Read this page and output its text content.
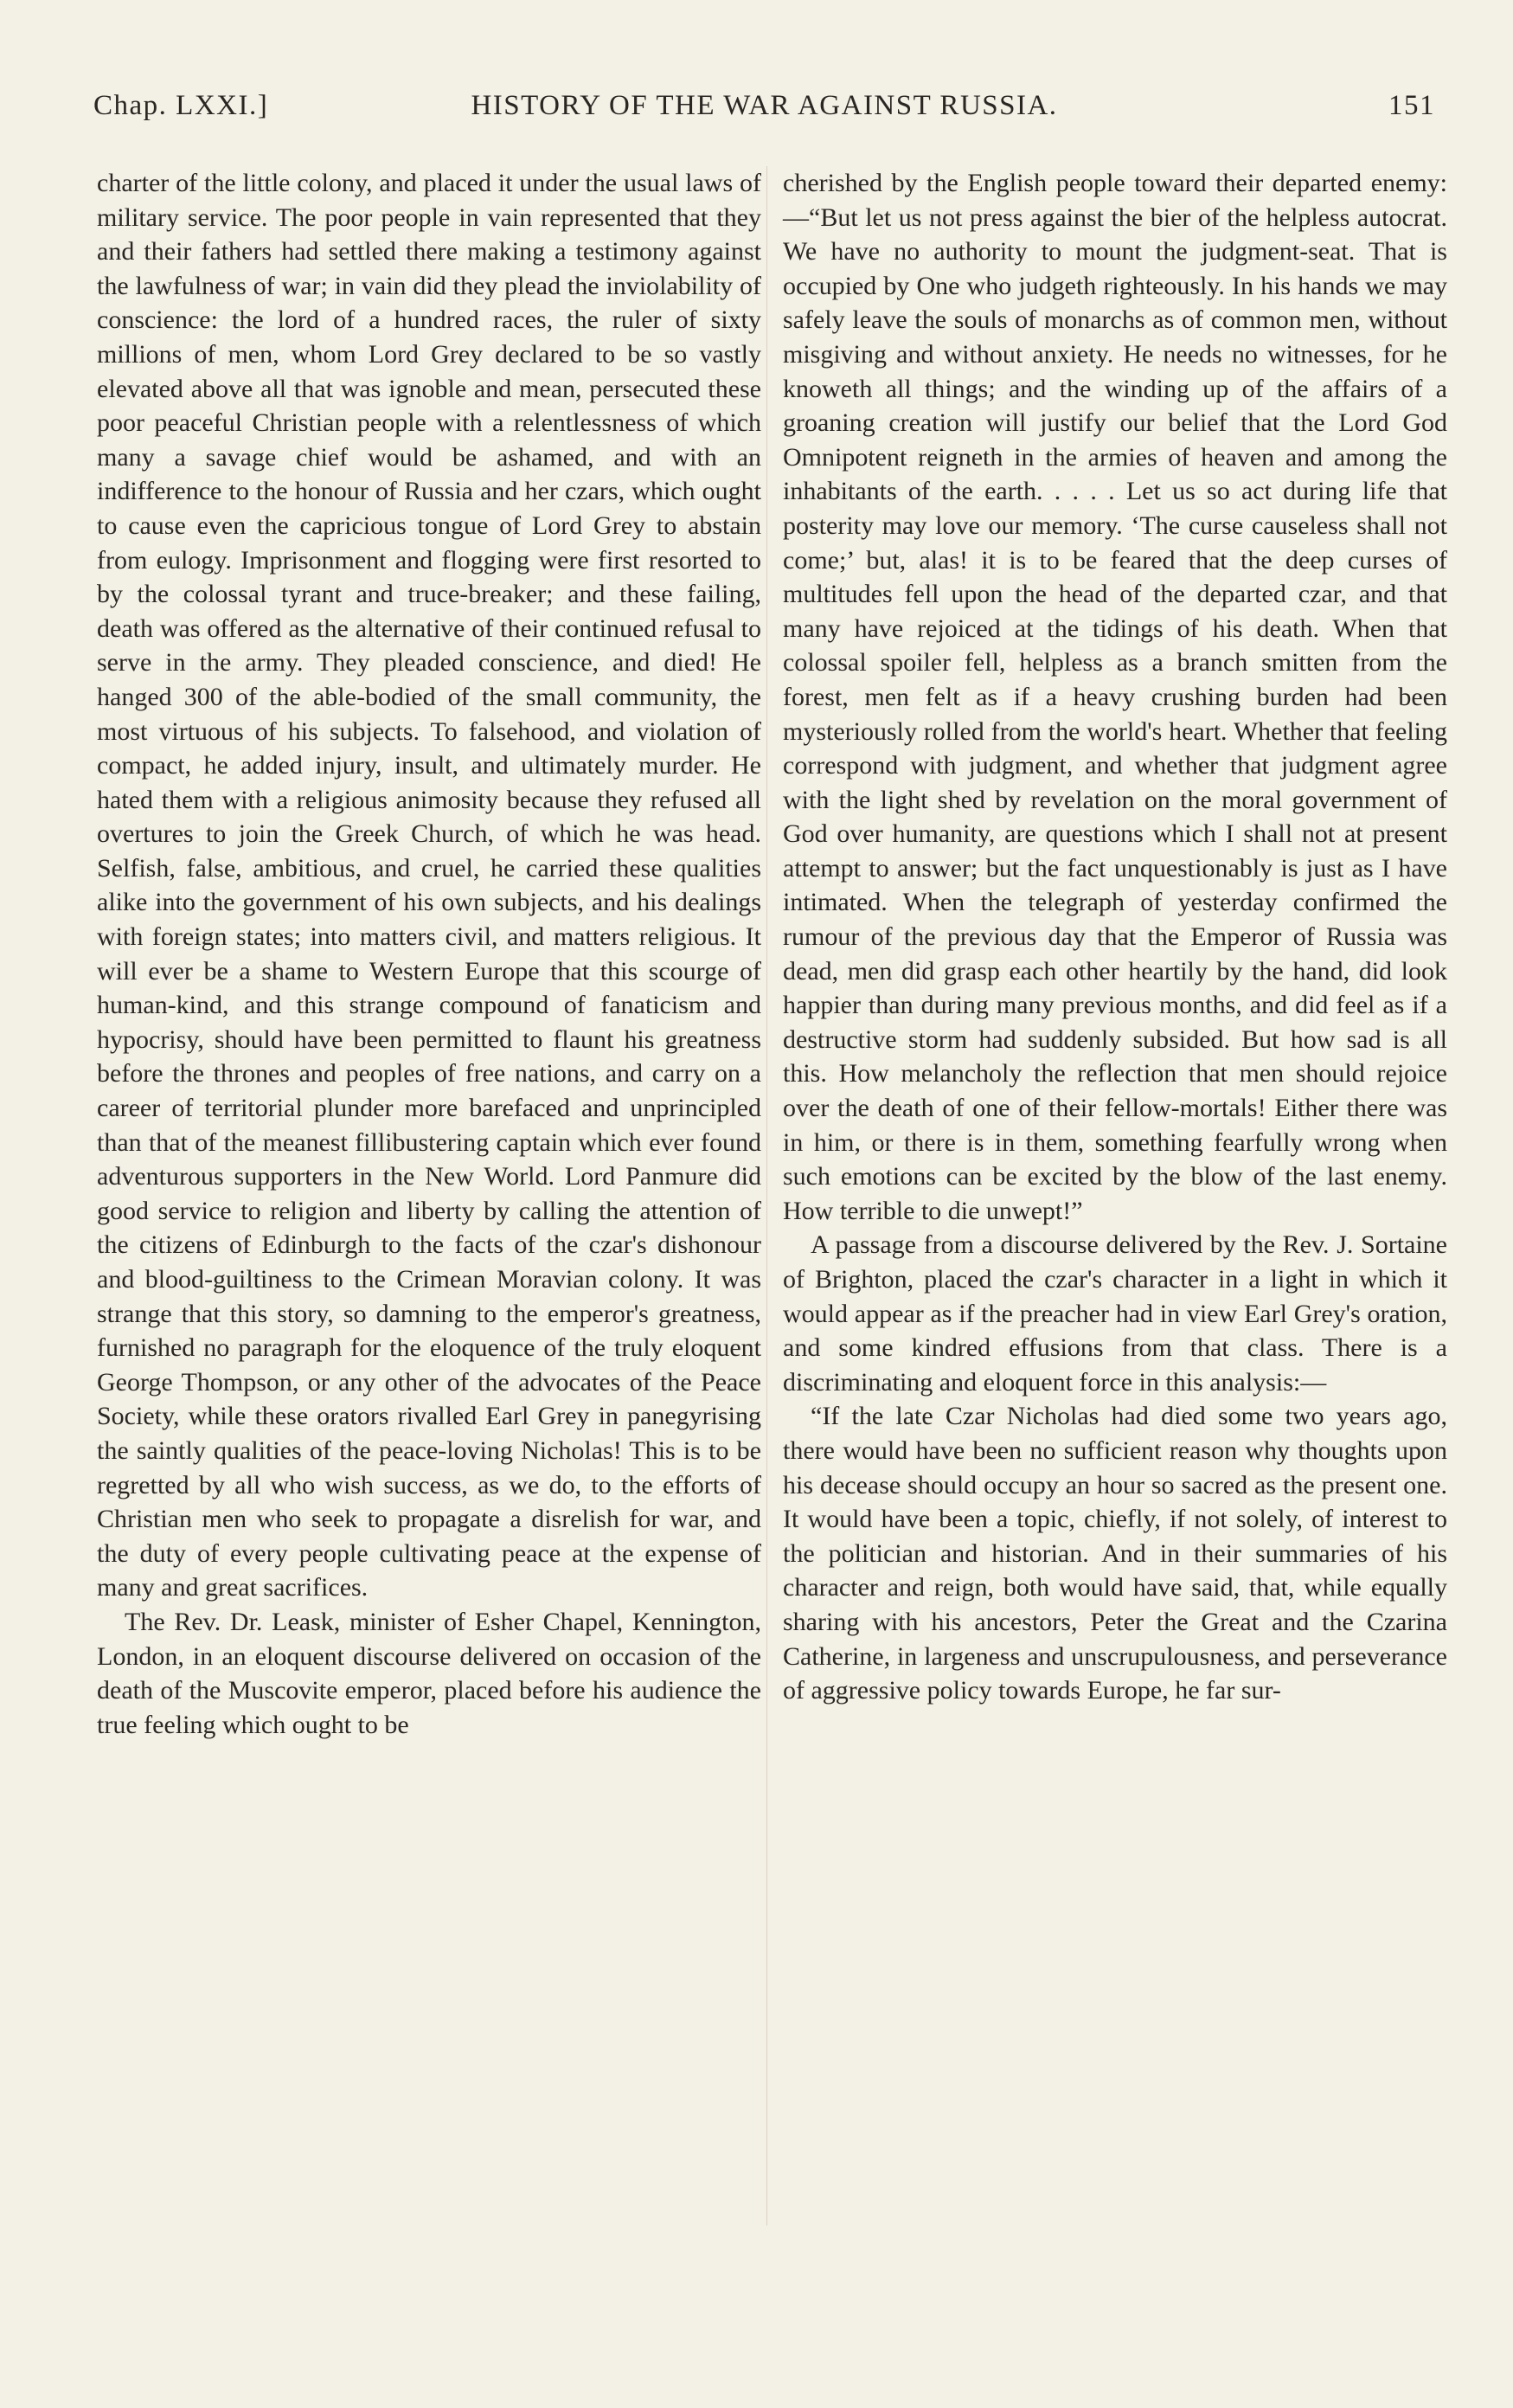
Chap. LXXI.]	HISTORY OF THE WAR AGAINST RUSSIA.	151

charter of the little colony, and placed it under the usual laws of military service. The poor people in vain represented that they and their fathers had settled there making a testimony against the lawfulness of war; in vain did they plead the inviolability of conscience: the lord of a hundred races, the ruler of sixty millions of men, whom Lord Grey declared to be so vastly elevated above all that was ignoble and mean, persecuted these poor peaceful Christian people with a relentlessness of which many a savage chief would be ashamed, and with an indifference to the honour of Russia and her czars, which ought to cause even the capricious tongue of Lord Grey to abstain from eulogy. Imprisonment and flogging were first resorted to by the colossal tyrant and truce-breaker; and these failing, death was offered as the alternative of their continued refusal to serve in the army. They pleaded conscience, and died! He hanged 300 of the able-bodied of the small community, the most virtuous of his subjects. To falsehood, and violation of compact, he added injury, insult, and ultimately murder. He hated them with a religious animosity because they refused all overtures to join the Greek Church, of which he was head. Selfish, false, ambitious, and cruel, he carried these qualities alike into the government of his own subjects, and his dealings with foreign states; into matters civil, and matters religious. It will ever be a shame to Western Europe that this scourge of human-kind, and this strange compound of fanaticism and hypocrisy, should have been permitted to flaunt his greatness before the thrones and peoples of free nations, and carry on a career of territorial plunder more barefaced and unprincipled than that of the meanest fillibustering captain which ever found adventurous supporters in the New World. Lord Panmure did good service to religion and liberty by calling the attention of the citizens of Edinburgh to the facts of the czar's dishonour and blood-guiltiness to the Crimean Moravian colony. It was strange that this story, so damning to the emperor's greatness, furnished no paragraph for the eloquence of the truly eloquent George Thompson, or any other of the advocates of the Peace Society, while these orators rivalled Earl Grey in panegyrising the saintly qualities of the peace-loving Nicholas! This is to be regretted by all who wish success, as we do, to the efforts of Christian men who seek to propagate a disrelish for war, and the duty of every people cultivating peace at the expense of many and great sacrifices.

The Rev. Dr. Leask, minister of Esher Chapel, Kennington, London, in an eloquent discourse delivered on occasion of the death of the Muscovite emperor, placed before his audience the true feeling which ought to be

cherished by the English people toward their departed enemy:—“But let us not press against the bier of the helpless autocrat. We have no authority to mount the judgment-seat. That is occupied by One who judgeth righteously. In his hands we may safely leave the souls of monarchs as of common men, without misgiving and without anxiety. He needs no witnesses, for he knoweth all things; and the winding up of the affairs of a groaning creation will justify our belief that the Lord God Omnipotent reigneth in the armies of heaven and among the inhabitants of the earth. . . . . Let us so act during life that posterity may love our memory. ‘The curse causeless shall not come;’ but, alas! it is to be feared that the deep curses of multitudes fell upon the head of the departed czar, and that many have rejoiced at the tidings of his death. When that colossal spoiler fell, helpless as a branch smitten from the forest, men felt as if a heavy crushing burden had been mysteriously rolled from the world's heart. Whether that feeling correspond with judgment, and whether that judgment agree with the light shed by revelation on the moral government of God over humanity, are questions which I shall not at present attempt to answer; but the fact unquestionably is just as I have intimated. When the telegraph of yesterday confirmed the rumour of the previous day that the Emperor of Russia was dead, men did grasp each other heartily by the hand, did look happier than during many previous months, and did feel as if a destructive storm had suddenly subsided. But how sad is all this. How melancholy the reflection that men should rejoice over the death of one of their fellow-mortals! Either there was in him, or there is in them, something fearfully wrong when such emotions can be excited by the blow of the last enemy. How terrible to die unwept!”

A passage from a discourse delivered by the Rev. J. Sortaine of Brighton, placed the czar's character in a light in which it would appear as if the preacher had in view Earl Grey's oration, and some kindred effusions from that class. There is a discriminating and eloquent force in this analysis:—

“If the late Czar Nicholas had died some two years ago, there would have been no sufficient reason why thoughts upon his decease should occupy an hour so sacred as the present one. It would have been a topic, chiefly, if not solely, of interest to the politician and historian. And in their summaries of his character and reign, both would have said, that, while equally sharing with his ancestors, Peter the Great and the Czarina Catherine, in largeness and unscrupulousness, and perseverance of aggressive policy towards Europe, he far sur-
